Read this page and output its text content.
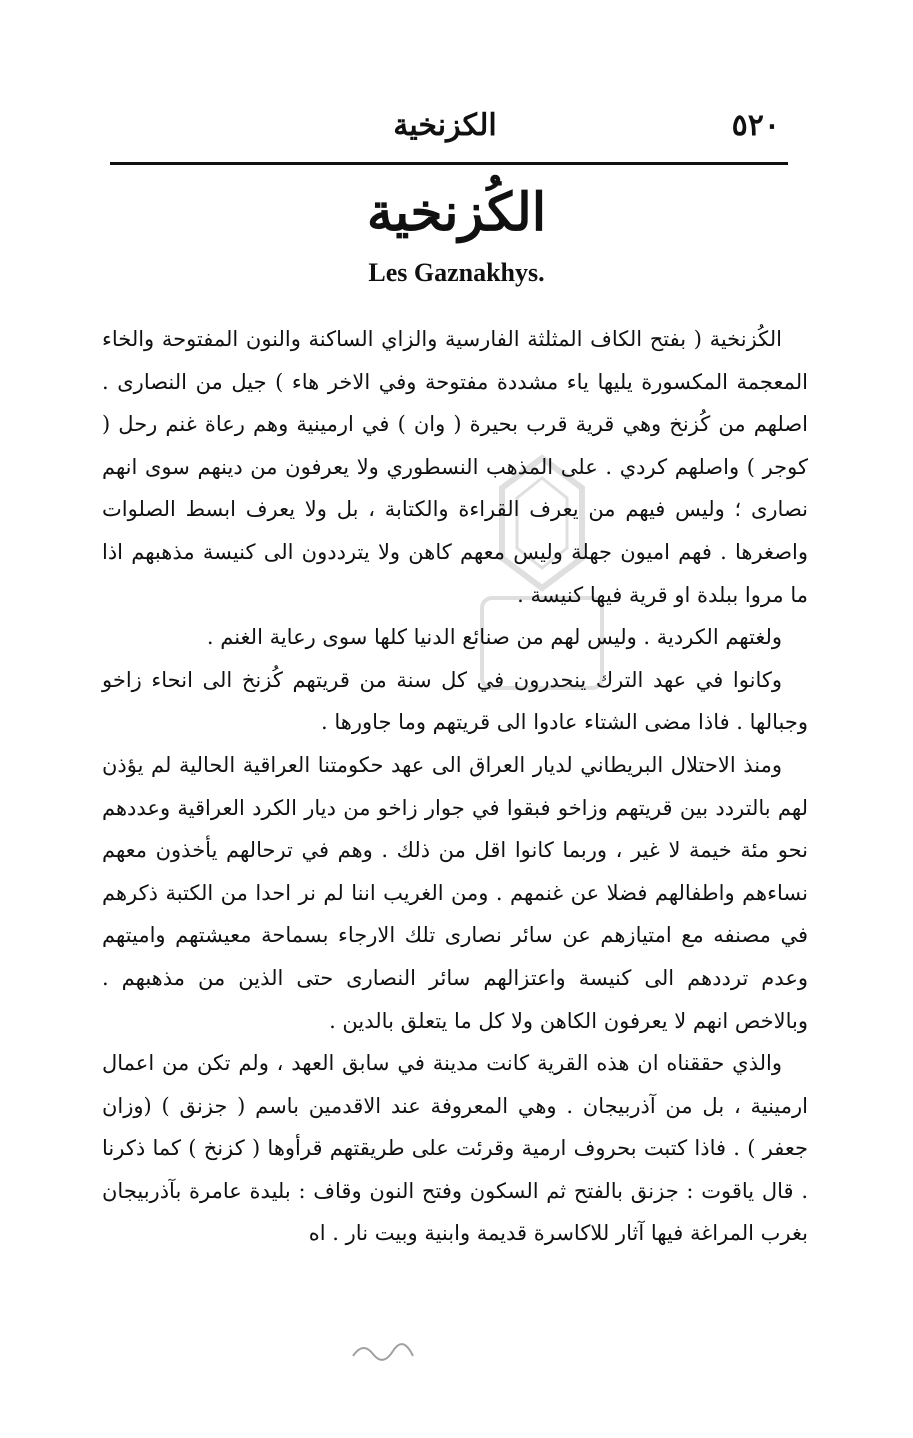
٥٢٠
الكزنخية
الكُزنخية
Les Gaznakhys.

الكُزنخية ( بفتح الكاف المثلثة الفارسية والزاي الساكنة والنون المفتوحة والخاء المعجمة المكسورة يليها ياء مشددة مفتوحة وفي الاخر هاء ) جيل من النصارى . اصلهم من كُزنخ وهي قرية قرب بحيرة ( وان ) في ارمينية وهم رعاة غنم رحل ( كوجر ) واصلهم كردي . على المذهب النسطوري ولا يعرفون من دينهم سوى انهم نصارى ؛ وليس فيهم من يعرف القراءة والكتابة ، بل ولا يعرف ابسط الصلوات واصغرها . فهم اميون جهلة وليس معهم كاهن ولا يترددون الى كنيسة مذهبهم اذا ما مروا ببلدة او قرية فيها كنيسة .

ولغتهم الكردية . وليس لهم من صنائع الدنيا كلها سوى رعاية الغنم .

وكانوا في عهد الترك ينحدرون في كل سنة من قريتهم كُزنخ الى انحاء زاخو وجبالها . فاذا مضى الشتاء عادوا الى قريتهم وما جاورها .

ومنذ الاحتلال البريطاني لديار العراق الى عهد حكومتنا العراقية الحالية لم يؤذن لهم بالتردد بين قريتهم وزاخو فبقوا في جوار زاخو من ديار الكرد العراقية وعددهم نحو مئة خيمة لا غير ، وربما كانوا اقل من ذلك . وهم في ترحالهم يأخذون معهم نساءهم واطفالهم فضلا عن غنمهم . ومن الغريب اننا لم نر احدا من الكتبة ذكرهم في مصنفه مع امتيازهم عن سائر نصارى تلك الارجاء بسماحة معيشتهم واميتهم وعدم ترددهم الى كنيسة واعتزالهم سائر النصارى حتى الذين من مذهبهم . وبالاخص انهم لا يعرفون الكاهن ولا كل ما يتعلق بالدين .

والذي حققناه ان هذه القرية كانت مدينة في سابق العهد ، ولم تكن من اعمال ارمينية ، بل من آذربيجان . وهي المعروفة عند الاقدمين باسم ( جزنق ) (وزان جعفر ) . فاذا كتبت بحروف ارمية وقرئت على طريقتهم قرأوها ( كزنخ ) كما ذكرنا . قال ياقوت : جزنق بالفتح ثم السكون وفتح النون وقاف : بليدة عامرة بآذربيجان بغرب المراغة فيها آثار للاكاسرة قديمة وابنية وبيت نار . اه
